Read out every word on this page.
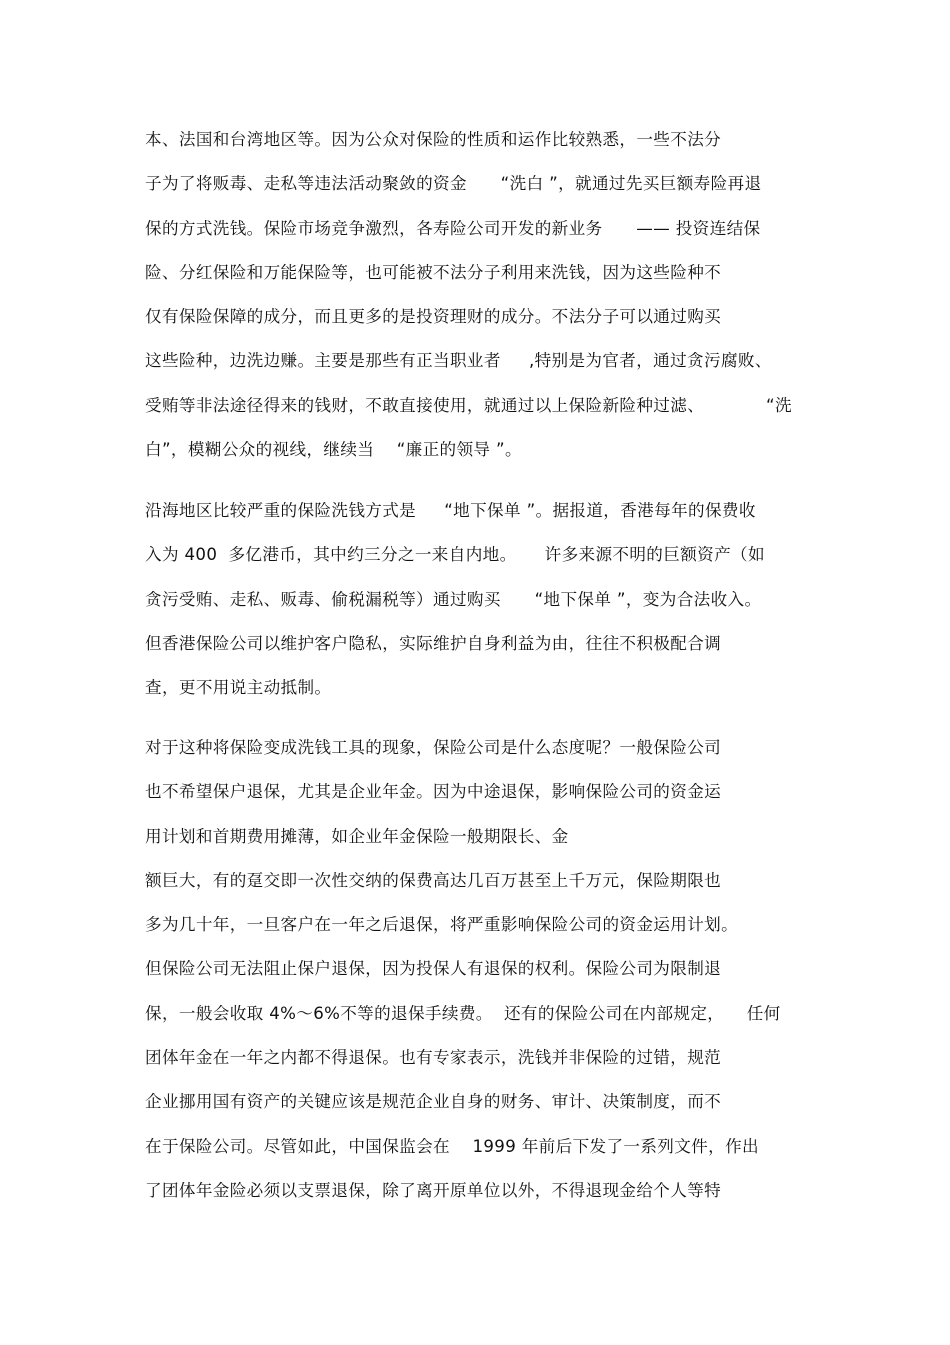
本、法国和台湾地区等。因为公众对保险的性质和运作比较熟悉，一些不法分
子为了将贩毒、走私等违法活动聚敛的资金      “洗白 ”，就通过先买巨额寿险再退
保的方式洗钱。保险市场竞争激烈，各寿险公司开发的新业务      —— 投资连结保
险、分红保险和万能保险等，也可能被不法分子利用来洗钱，因为这些险种不
仅有保险保障的成分，而且更多的是投资理财的成分。不法分子可以通过购买
这些险种，边洗边赚。主要是那些有正当职业者     ,特别是为官者，通过贪污腐败、
受贿等非法途径得来的钱财，不敢直接使用，就通过以上保险新险种过滤、           “洗
白”，模糊公众的视线，继续当    “廉正的领导 ”。
沿海地区比较严重的保险洗钱方式是     “地下保单 ”。据报道，香港每年的保费收
入为 400  多亿港币，其中约三分之一来自内地。     许多来源不明的巨额资产（如
贪污受贿、走私、贩毒、偷税漏税等）通过购买      “地下保单 ”，变为合法收入。
但香港保险公司以维护客户隐私，实际维护自身利益为由，往往不积极配合调
查，更不用说主动抵制。
对于这种将保险变成洗钱工具的现象，保险公司是什么态度呢？一般保险公司
也不希望保户退保，尤其是企业年金。因为中途退保，影响保险公司的资金运
用计划和首期费用摊薄，如企业年金保险一般期限长、金
额巨大，有的趸交即一次性交纳的保费高达几百万甚至上千万元，保险期限也
多为几十年，一旦客户在一年之后退保，将严重影响保险公司的资金运用计划。
但保险公司无法阻止保户退保，因为投保人有退保的权利。保险公司为限制退
保，一般会收取 4%～6%不等的退保手续费。  还有的保险公司在内部规定，    任何
团体年金在一年之内都不得退保。也有专家表示，洗钱并非保险的过错，规范
企业挪用国有资产的关键应该是规范企业自身的财务、审计、决策制度，而不
在于保险公司。尽管如此，中国保监会在    1999 年前后下发了一系列文件，作出
了团体年金险必须以支票退保，除了离开原单位以外，不得退现金给个人等特
